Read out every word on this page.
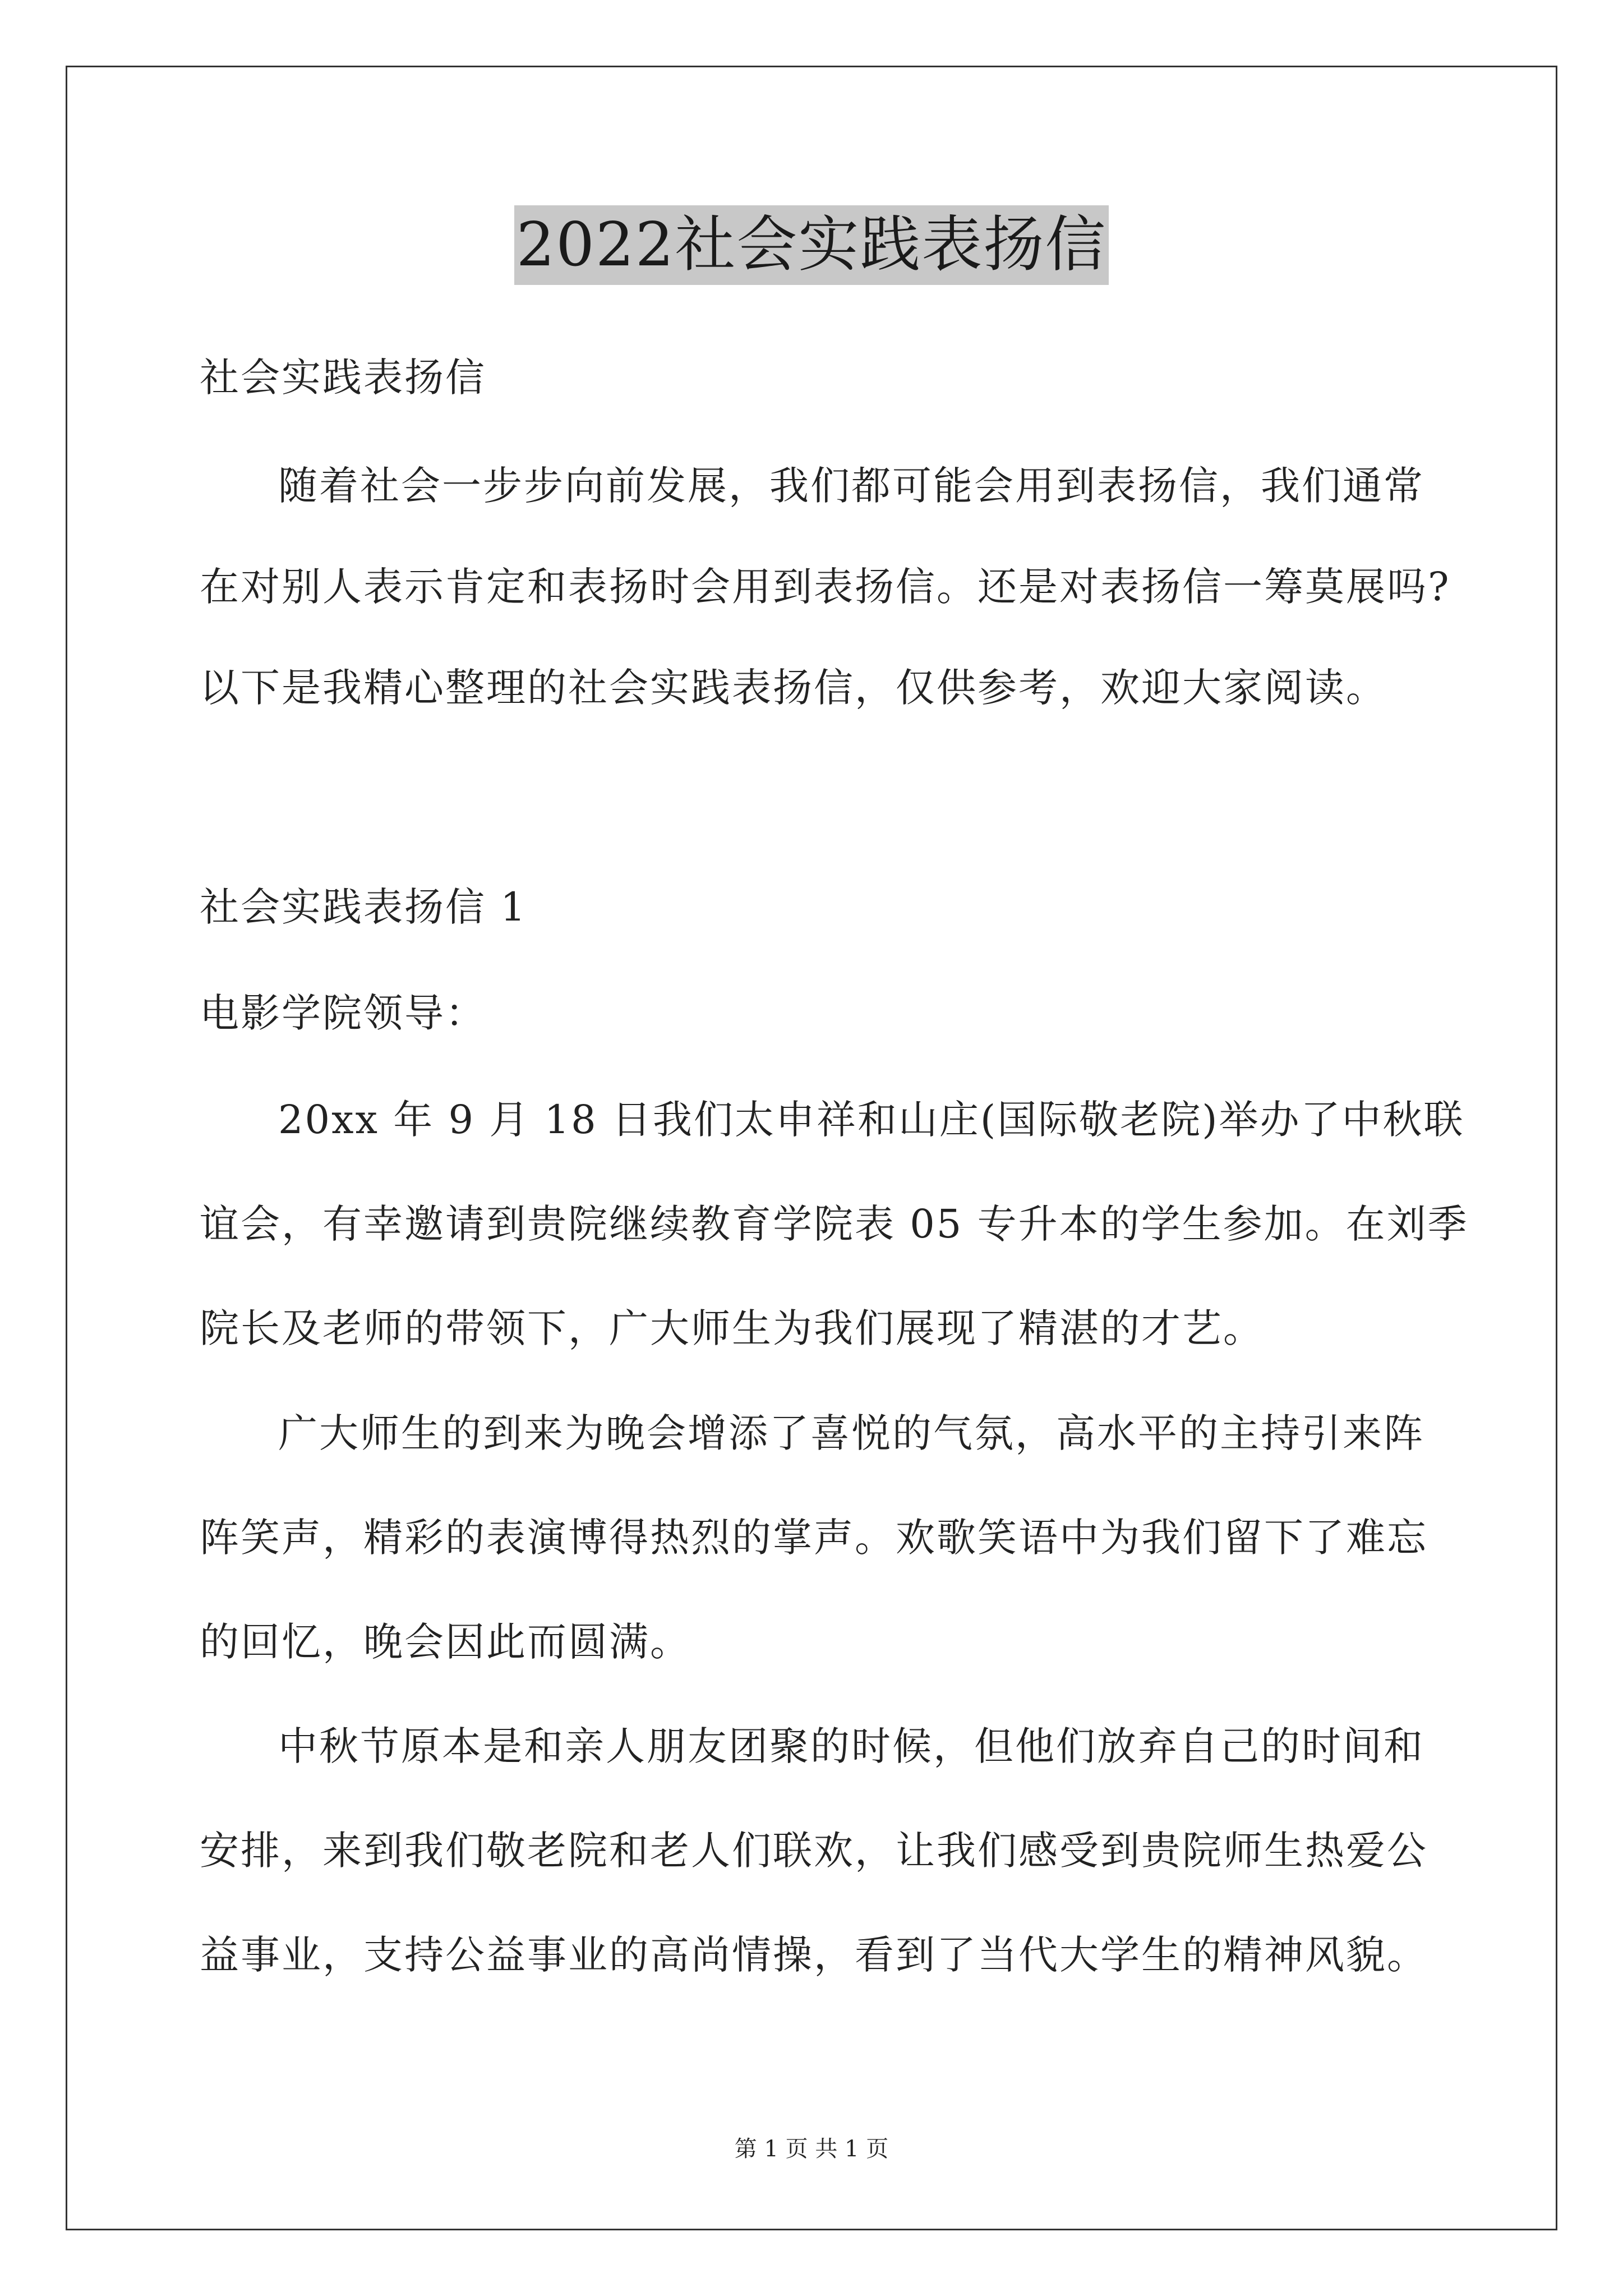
2022社会实践表扬信
社会实践表扬信
随着社会一步步向前发展，我们都可能会用到表扬信，我们通常
在对别人表示肯定和表扬时会用到表扬信。还是对表扬信一筹莫展吗?
以下是我精心整理的社会实践表扬信，仅供参考，欢迎大家阅读。
社会实践表扬信 1
电影学院领导：
20xx 年 9 月 18 日我们太申祥和山庄(国际敬老院)举办了中秋联
谊会，有幸邀请到贵院继续教育学院表 05 专升本的学生参加。在刘季
院长及老师的带领下，广大师生为我们展现了精湛的才艺。
广大师生的到来为晚会增添了喜悦的气氛，高水平的主持引来阵
阵笑声，精彩的表演博得热烈的掌声。欢歌笑语中为我们留下了难忘
的回忆，晚会因此而圆满。
中秋节原本是和亲人朋友团聚的时候，但他们放弃自己的时间和
安排，来到我们敬老院和老人们联欢，让我们感受到贵院师生热爱公
益事业，支持公益事业的高尚情操，看到了当代大学生的精神风貌。
第 1 页 共 1 页
